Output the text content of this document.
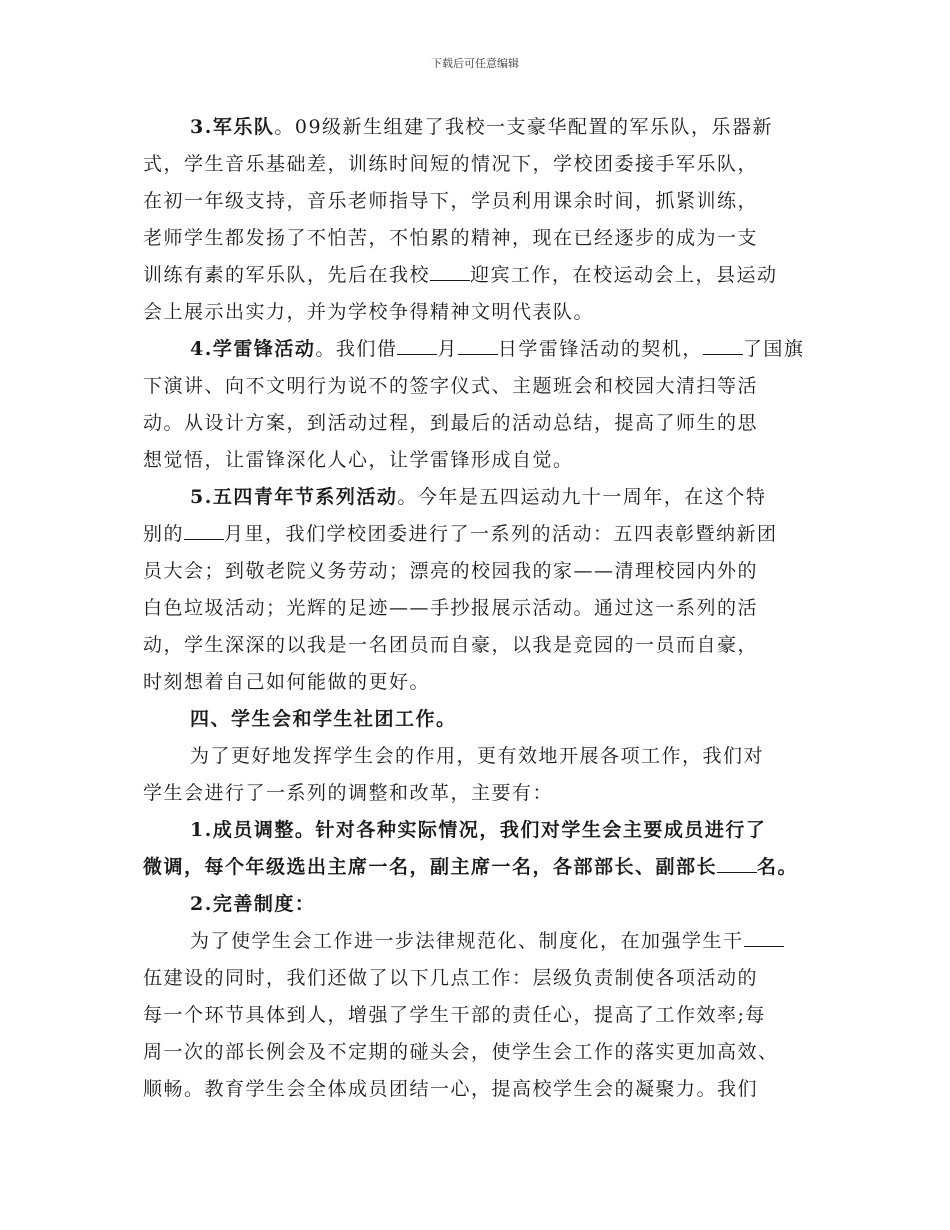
下载后可任意编辑
3.军乐队。09级新生组建了我校一支豪华配置的军乐队，乐器新
式，学生音乐基础差，训练时间短的情况下，学校团委接手军乐队，
在初一年级支持，音乐老师指导下，学员利用课余时间，抓紧训练，
老师学生都发扬了不怕苦，不怕累的精神，现在已经逐步的成为一支
训练有素的军乐队，先后在我校 迎宾工作，在校运动会上，县运动
会上展示出实力，并为学校争得精神文明代表队。
4.学雷锋活动。我们借 月 日学雷锋活动的契机， 了国旗
下演讲、向不文明行为说不的签字仪式、主题班会和校园大清扫等活
动。从设计方案，到活动过程，到最后的活动总结，提高了师生的思
想觉悟，让雷锋深化人心，让学雷锋形成自觉。
5.五四青年节系列活动。今年是五四运动九十一周年，在这个特
别的 月里，我们学校团委进行了一系列的活动：五四表彰暨纳新团
员大会；到敬老院义务劳动；漂亮的校园我的家——清理校园内外的
白色垃圾活动；光辉的足迹——手抄报展示活动。通过这一系列的活
动，学生深深的以我是一名团员而自豪，以我是竞园的一员而自豪，
时刻想着自己如何能做的更好。
四、学生会和学生社团工作。
为了更好地发挥学生会的作用，更有效地开展各项工作，我们对
学生会进行了一系列的调整和改革，主要有：
1.成员调整。针对各种实际情况，我们对学生会主要成员进行了
微调，每个年级选出主席一名，副主席一名，各部部长、副部长 名。
2.完善制度：
为了使学生会工作进一步法律规范化、制度化，在加强学生干
伍建设的同时，我们还做了以下几点工作：层级负责制使各项活动的
每一个环节具体到人，增强了学生干部的责任心，提高了工作效率;每
周一次的部长例会及不定期的碰头会，使学生会工作的落实更加高效、
顺畅。教育学生会全体成员团结一心，提高校学生会的凝聚力。我们
